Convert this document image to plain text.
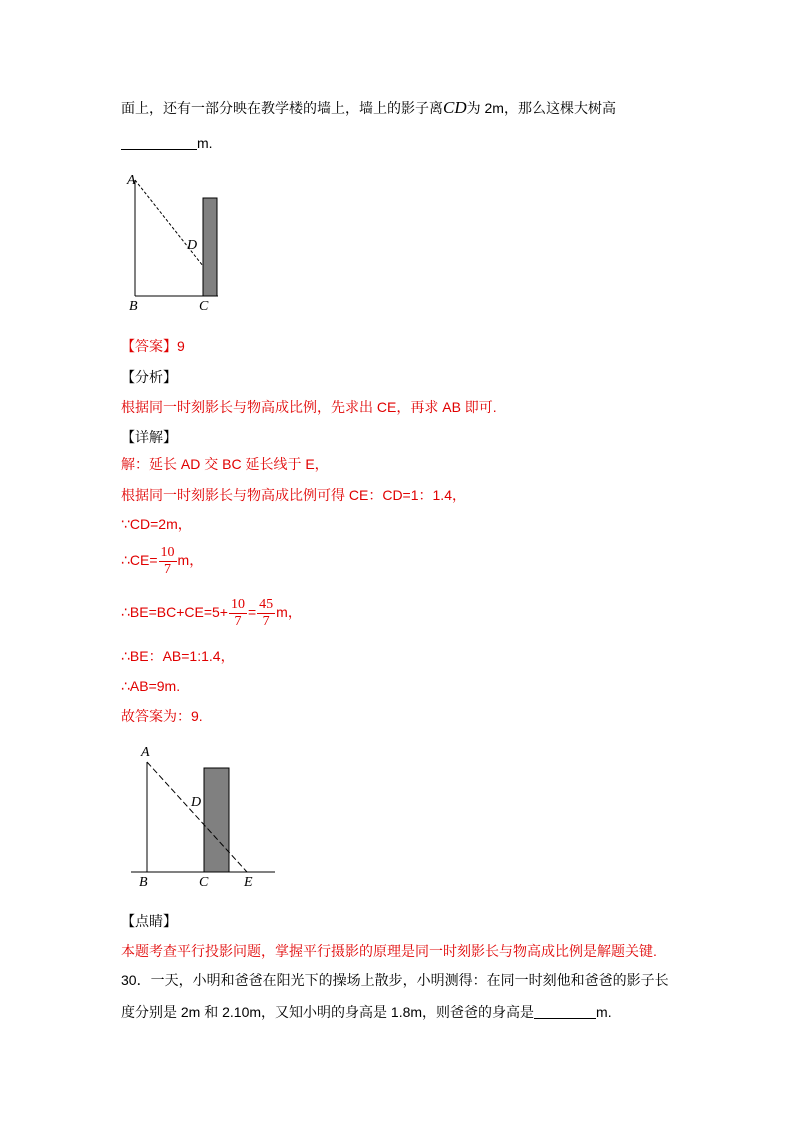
面上，还有一部分映在教学楼的墙上，墙上的影子离CD为 2m，那么这棵大树高
m.
A
B	C
D
【答案】9
【分析】
根据同一时刻影长与物高成比例，先求出 CE，再求 AB 即可.
【详解】
解：延长 AD 交 BC 延长线于 E，
根据同一时刻影长与物高成比例可得 CE：CD=1：1.4，
∵CD=2m，
∴CE= $\frac{10}{7}$ m，
∴BE=BC+CE=5+ $\frac{10}{7} = \frac{45}{7}$ m，
∴BE：AB=1:1.4，
∴AB=9m.
故答案为：9.
A
B	C
D
E
【点睛】
本题考查平行投影问题，掌握平行摄影的原理是同一时刻影长与物高成比例是解题关键.
30．一天，小明和爸爸在阳光下的操场上散步，小明测得：在同一时刻他和爸爸的影子长
度分别是 2m 和 2.10m，又知小明的身高是 1.8m，则爸爸的身高是	m.
